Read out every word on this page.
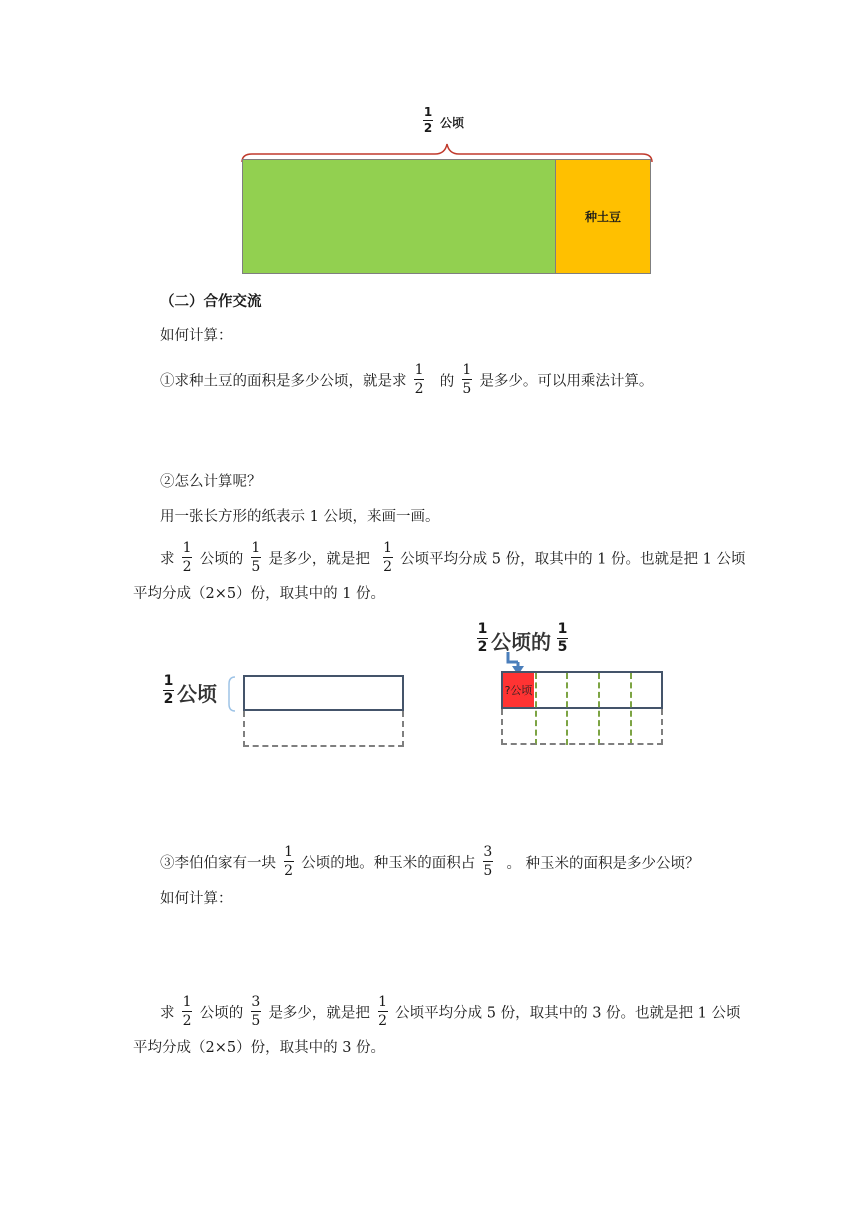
$\frac{1}{2}$ 公顷
种土豆
（二）合作交流
如何计算：
①求种土豆的面积是多少公顷，就是求 $\frac{1}{2}$ 的 $\frac{1}{5}$ 是多少。可以用乘法计算。
②怎么计算呢？
用一张长方形的纸表示 1 公顷，来画一画。
求 $\frac{1}{2}$ 公顷的 $\frac{1}{5}$ 是多少，就是把 $\frac{1}{2}$ 公顷平均分成 5 份，取其中的 1 份。也就是把 1 公顷
平均分成（2×5）份，取其中的 1 份。
$\frac{1}{2}$ 公顷
$\frac{1}{2}$ 公顷的 $\frac{1}{5}$
?公顷
③李伯伯家有一块 $\frac{1}{2}$ 公顷的地。种玉米的面积占 $\frac{3}{5}$ 。 种玉米的面积是多少公顷？
如何计算：
求 $\frac{1}{2}$ 公顷的 $\frac{3}{5}$ 是多少，就是把 $\frac{1}{2}$ 公顷平均分成 5 份，取其中的 3 份。也就是把 1 公顷
平均分成（2×5）份，取其中的 3 份。
